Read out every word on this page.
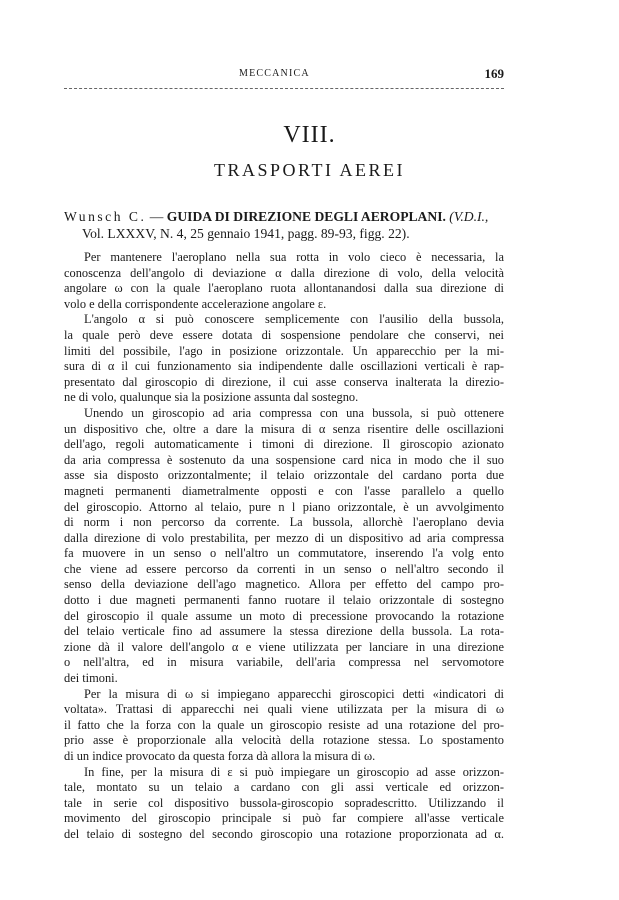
MECCANICA	169
VIII.
TRASPORTI AEREI
Wunsch C. — GUIDA DI DIREZIONE DEGLI AEROPLANI. (V.D.I.,
Vol. LXXXV, N. 4, 25 gennaio 1941, pagg. 89-93, figg. 22).
Per mantenere l'aeroplano nella sua rotta in volo cieco è necessaria, la
conoscenza dell'angolo di deviazione α dalla direzione di volo, della velocità
angolare ω con la quale l'aeroplano ruota allontanandosi dalla sua direzione di
volo e della corrispondente accelerazione angolare ε.
L'angolo α si può conoscere semplicemente con l'ausilio della bussola,
la quale però deve essere dotata di sospensione pendolare che conservi, nei
limiti del possibile, l'ago in posizione orizzontale. Un apparecchio per la mi-
sura di α il cui funzionamento sia indipendente dalle oscillazioni verticali è rap-
presentato dal giroscopio di direzione, il cui asse conserva inalterata la direzio-
ne di volo, qualunque sia la posizione assunta dal sostegno.
Unendo un giroscopio ad aria compressa con una bussola, si può ottenere
un dispositivo che, oltre a dare la misura di α senza risentire delle oscillazioni
dell'ago, regoli automaticamente i timoni di direzione. Il giroscopio azionato
da aria compressa è sostenuto da una sospensione card nica in modo che il suo
asse sia disposto orizzontalmente; il telaio orizzontale del cardano porta due
magneti permanenti diametralmente opposti e con l'asse parallelo a quello
del giroscopio. Attorno al telaio, pure n l piano orizzontale, è un avvolgimento
di norm i non percorso da corrente. La bussola, allorchè l'aeroplano devia
dalla direzione di volo prestabilita, per mezzo di un dispositivo ad aria compressa
fa muovere in un senso o nell'altro un commutatore, inserendo l'a volg ento
che viene ad essere percorso da correnti in un senso o nell'altro secondo il
senso della deviazione dell'ago magnetico. Allora per effetto del campo pro-
dotto i due magneti permanenti fanno ruotare il telaio orizzontale di sostegno
del giroscopio il quale assume un moto di precessione provocando la rotazione
del telaio verticale fino ad assumere la stessa direzione della bussola. La rota-
zione dà il valore dell'angolo α e viene utilizzata per lanciare in una direzione
o nell'altra, ed in misura variabile, dell'aria compressa nel servomotore
dei timoni.
Per la misura di ω si impiegano apparecchi giroscopici detti «indicatori di
voltata». Trattasi di apparecchi nei quali viene utilizzata per la misura di ω
il fatto che la forza con la quale un giroscopio resiste ad una rotazione del pro-
prio asse è proporzionale alla velocità della rotazione stessa. Lo spostamento
di un indice provocato da questa forza dà allora la misura di ω.
In fine, per la misura di ε si può impiegare un giroscopio ad asse orizzon-
tale, montato su un telaio a cardano con gli assi verticale ed orizzon-
tale in serie col dispositivo bussola-giroscopio sopradescritto. Utilizzando il
movimento del giroscopio principale si può far compiere all'asse verticale
del telaio di sostegno del secondo giroscopio una rotazione proporzionata ad α.
